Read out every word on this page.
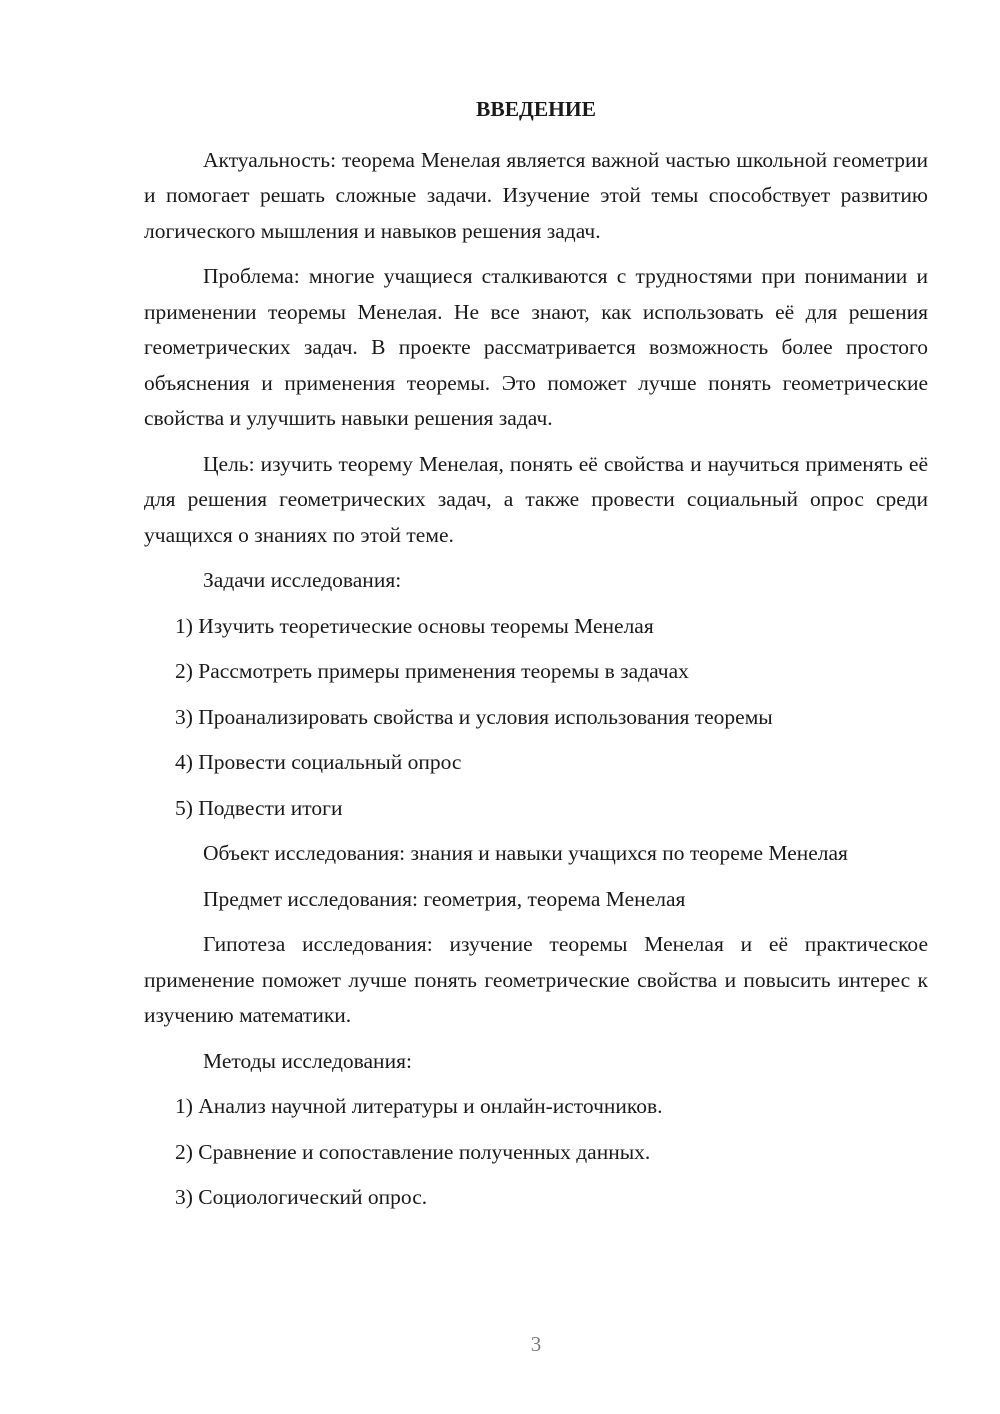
ВВЕДЕНИЕ

Актуальность: теорема Менелая является важной частью школьной геометрии и помогает решать сложные задачи. Изучение этой темы способствует развитию логического мышления и навыков решения задач.

Проблема: многие учащиеся сталкиваются с трудностями при понимании и применении теоремы Менелая. Не все знают, как использовать её для решения геометрических задач. В проекте рассматривается возможность более простого объяснения и применения теоремы. Это поможет лучше понять геометрические свойства и улучшить навыки решения задач.

Цель: изучить теорему Менелая, понять её свойства и научиться применять её для решения геометрических задач, а также провести социальный опрос среди учащихся о знаниях по этой теме.

Задачи исследования:

1) Изучить теоретические основы теоремы Менелая
2) Рассмотреть примеры применения теоремы в задачах
3) Проанализировать свойства и условия использования теоремы
4) Провести социальный опрос
5) Подвести итоги

Объект исследования: знания и навыки учащихся по теореме Менелая

Предмет исследования: геометрия, теорема Менелая

Гипотеза исследования: изучение теоремы Менелая и её практическое применение поможет лучше понять геометрические свойства и повысить интерес к изучению математики.

Методы исследования:

1) Анализ научной литературы и онлайн-источников.
2) Сравнение и сопоставление полученных данных.
3) Социологический опрос.
3
